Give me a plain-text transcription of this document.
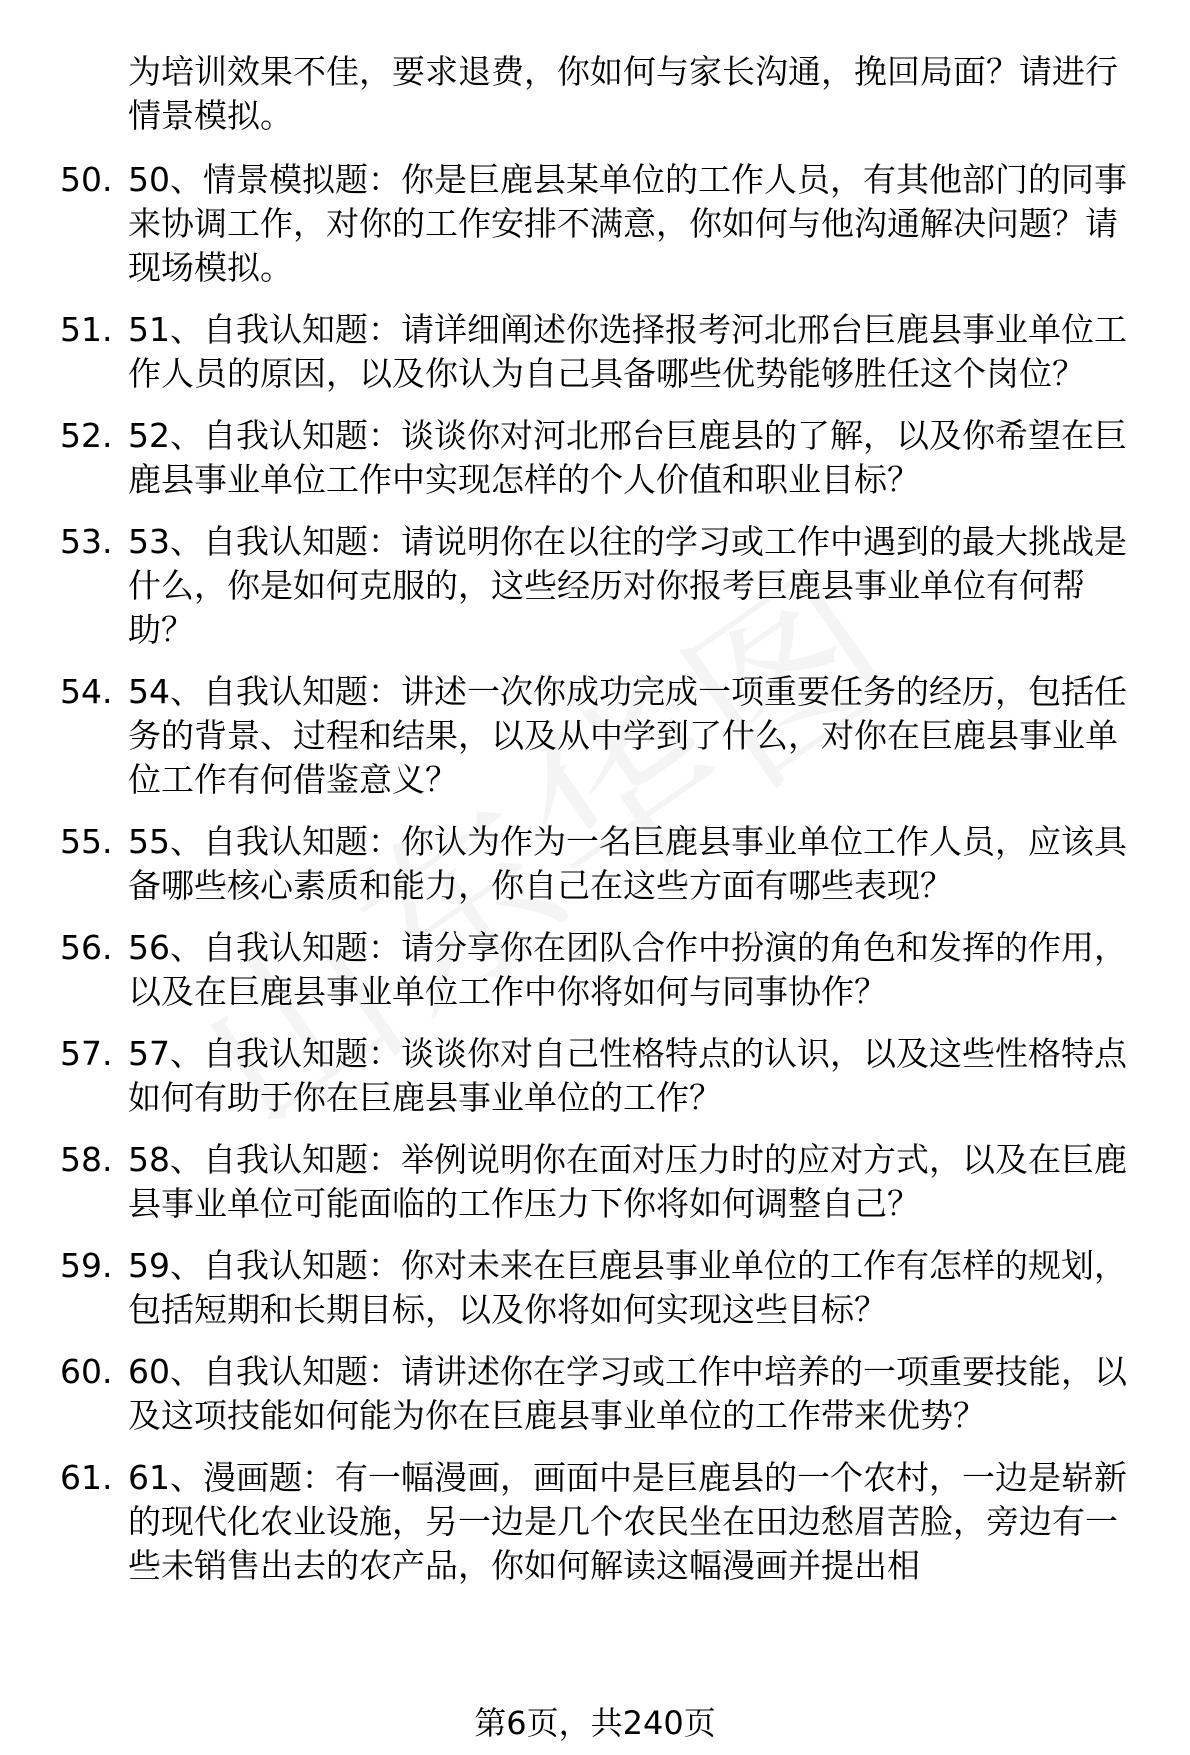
为培训效果不佳，要求退费，你如何与家长沟通，挽回局面？请进行情景模拟。
50. 50、情景模拟题：你是巨鹿县某单位的工作人员，有其他部门的同事来协调工作，对你的工作安排不满意，你如何与他沟通解决问题？请现场模拟。
51. 51、自我认知题：请详细阐述你选择报考河北邢台巨鹿县事业单位工作人员的原因，以及你认为自己具备哪些优势能够胜任这个岗位？
52. 52、自我认知题：谈谈你对河北邢台巨鹿县的了解，以及你希望在巨鹿县事业单位工作中实现怎样的个人价值和职业目标？
53. 53、自我认知题：请说明你在以往的学习或工作中遇到的最大挑战是什么，你是如何克服的，这些经历对你报考巨鹿县事业单位有何帮助？
54. 54、自我认知题：讲述一次你成功完成一项重要任务的经历，包括任务的背景、过程和结果，以及从中学到了什么，对你在巨鹿县事业单位工作有何借鉴意义？
55. 55、自我认知题：你认为作为一名巨鹿县事业单位工作人员，应该具备哪些核心素质和能力，你自己在这些方面有哪些表现？
56. 56、自我认知题：请分享你在团队合作中扮演的角色和发挥的作用，以及在巨鹿县事业单位工作中你将如何与同事协作？
57. 57、自我认知题：谈谈你对自己性格特点的认识，以及这些性格特点如何有助于你在巨鹿县事业单位的工作？
58. 58、自我认知题：举例说明你在面对压力时的应对方式，以及在巨鹿县事业单位可能面临的工作压力下你将如何调整自己？
59. 59、自我认知题：你对未来在巨鹿县事业单位的工作有怎样的规划，包括短期和长期目标，以及你将如何实现这些目标？
60. 60、自我认知题：请讲述你在学习或工作中培养的一项重要技能，以及这项技能如何能为你在巨鹿县事业单位的工作带来优势？
61. 61、漫画题：有一幅漫画，画面中是巨鹿县的一个农村，一边是崭新的现代化农业设施，另一边是几个农民坐在田边愁眉苦脸，旁边有一些未销售出去的农产品，你如何解读这幅漫画并提出相
第6页，共240页
